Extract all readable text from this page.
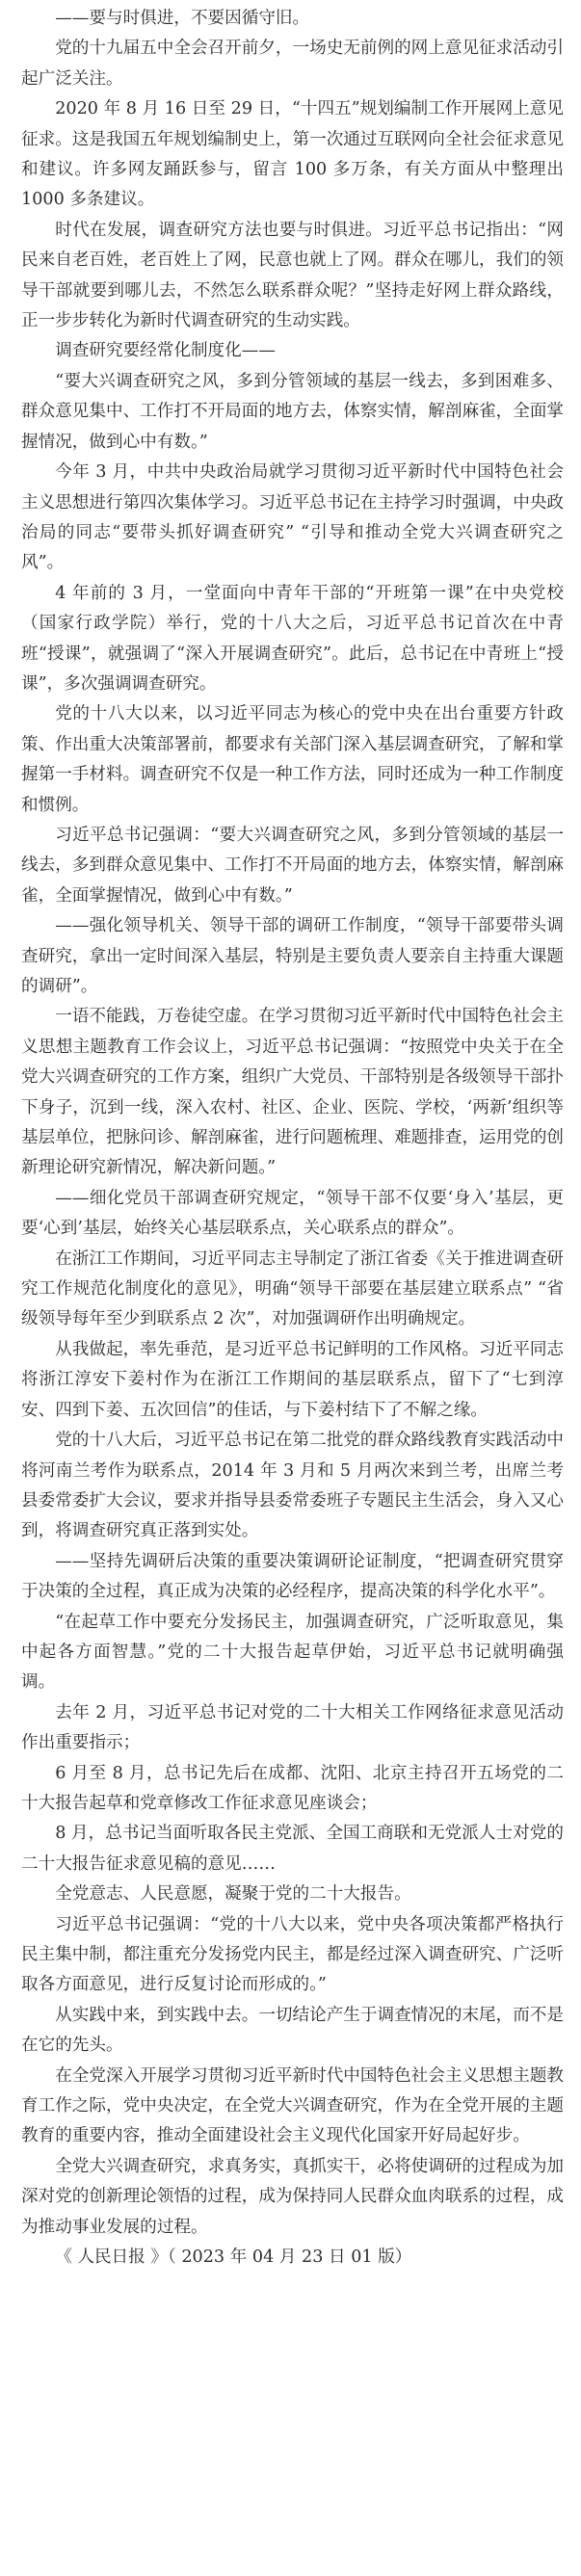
——要与时俱进，不要因循守旧。

党的十九届五中全会召开前夕，一场史无前例的网上意见征求活动引起广泛关注。

2020 年 8 月 16 日至 29 日，“十四五”规划编制工作开展网上意见征求。这是我国五年规划编制史上，第一次通过互联网向全社会征求意见和建议。许多网友踊跃参与，留言 100 多万条，有关方面从中整理出 1000 多条建议。

时代在发展，调查研究方法也要与时俱进。习近平总书记指出：“网民来自老百姓，老百姓上了网，民意也就上了网。群众在哪儿，我们的领导干部就要到哪儿去，不然怎么联系群众呢？”坚持走好网上群众路线，正一步步转化为新时代调查研究的生动实践。

调查研究要经常化制度化——

“要大兴调查研究之风，多到分管领域的基层一线去，多到困难多、群众意见集中、工作打不开局面的地方去，体察实情，解剖麻雀，全面掌握情况，做到心中有数。”

今年 3 月，中共中央政治局就学习贯彻习近平新时代中国特色社会主义思想进行第四次集体学习。习近平总书记在主持学习时强调，中央政治局的同志“要带头抓好调查研究” “引导和推动全党大兴调查研究之风”。

4 年前的 3 月，一堂面向中青年干部的“开班第一课”在中央党校（国家行政学院）举行，党的十八大之后，习近平总书记首次在中青班“授课”，就强调了“深入开展调查研究”。此后，总书记在中青班上“授课”，多次强调调查研究。

党的十八大以来，以习近平同志为核心的党中央在出台重要方针政策、作出重大决策部署前，都要求有关部门深入基层调查研究，了解和掌握第一手材料。调查研究不仅是一种工作方法，同时还成为一种工作制度和惯例。

习近平总书记强调：“要大兴调查研究之风，多到分管领域的基层一线去，多到群众意见集中、工作打不开局面的地方去，体察实情，解剖麻雀，全面掌握情况，做到心中有数。”

——强化领导机关、领导干部的调研工作制度，“领导干部要带头调查研究，拿出一定时间深入基层，特别是主要负责人要亲自主持重大课题的调研”。

一语不能践，万卷徒空虚。在学习贯彻习近平新时代中国特色社会主义思想主题教育工作会议上，习近平总书记强调：“按照党中央关于在全党大兴调查研究的工作方案，组织广大党员、干部特别是各级领导干部扑下身子，沉到一线，深入农村、社区、企业、医院、学校，‘两新’组织等基层单位，把脉问诊、解剖麻雀，进行问题梳理、难题排查，运用党的创新理论研究新情况，解决新问题。”

——细化党员干部调查研究规定，“领导干部不仅要‘身入’基层，更要‘心到’基层，始终关心基层联系点，关心联系点的群众”。

在浙江工作期间，习近平同志主导制定了浙江省委《关于推进调查研究工作规范化制度化的意见》，明确“领导干部要在基层建立联系点” “省级领导每年至少到联系点 2 次”，对加强调研作出明确规定。

从我做起，率先垂范，是习近平总书记鲜明的工作风格。习近平同志将浙江淳安下姜村作为在浙江工作期间的基层联系点，留下了“七到淳安、四到下姜、五次回信”的佳话，与下姜村结下了不解之缘。

党的十八大后，习近平总书记在第二批党的群众路线教育实践活动中将河南兰考作为联系点，2014 年 3 月和 5 月两次来到兰考，出席兰考县委常委扩大会议，要求并指导县委常委班子专题民主生活会，身入又心到，将调查研究真正落到实处。

——坚持先调研后决策的重要决策调研论证制度，“把调查研究贯穿于决策的全过程，真正成为决策的必经程序，提高决策的科学化水平”。

“在起草工作中要充分发扬民主，加强调查研究，广泛听取意见，集中起各方面智慧。”党的二十大报告起草伊始，习近平总书记就明确强调。

去年 2 月，习近平总书记对党的二十大相关工作网络征求意见活动作出重要指示；

6 月至 8 月，总书记先后在成都、沈阳、北京主持召开五场党的二十大报告起草和党章修改工作征求意见座谈会；

8 月，总书记当面听取各民主党派、全国工商联和无党派人士对党的二十大报告征求意见稿的意见……

全党意志、人民意愿，凝聚于党的二十大报告。

习近平总书记强调：“党的十八大以来，党中央各项决策都严格执行民主集中制，都注重充分发扬党内民主，都是经过深入调查研究、广泛听取各方面意见，进行反复讨论而形成的。”

从实践中来，到实践中去。一切结论产生于调查情况的末尾，而不是在它的先头。

在全党深入开展学习贯彻习近平新时代中国特色社会主义思想主题教育工作之际，党中央决定，在全党大兴调查研究，作为在全党开展的主题教育的重要内容，推动全面建设社会主义现代化国家开好局起好步。

全党大兴调查研究，求真务实，真抓实干，必将使调研的过程成为加深对党的创新理论领悟的过程，成为保持同人民群众血肉联系的过程，成为推动事业发展的过程。

《 人民日报 》（ 2023 年 04 月 23 日 01 版）
